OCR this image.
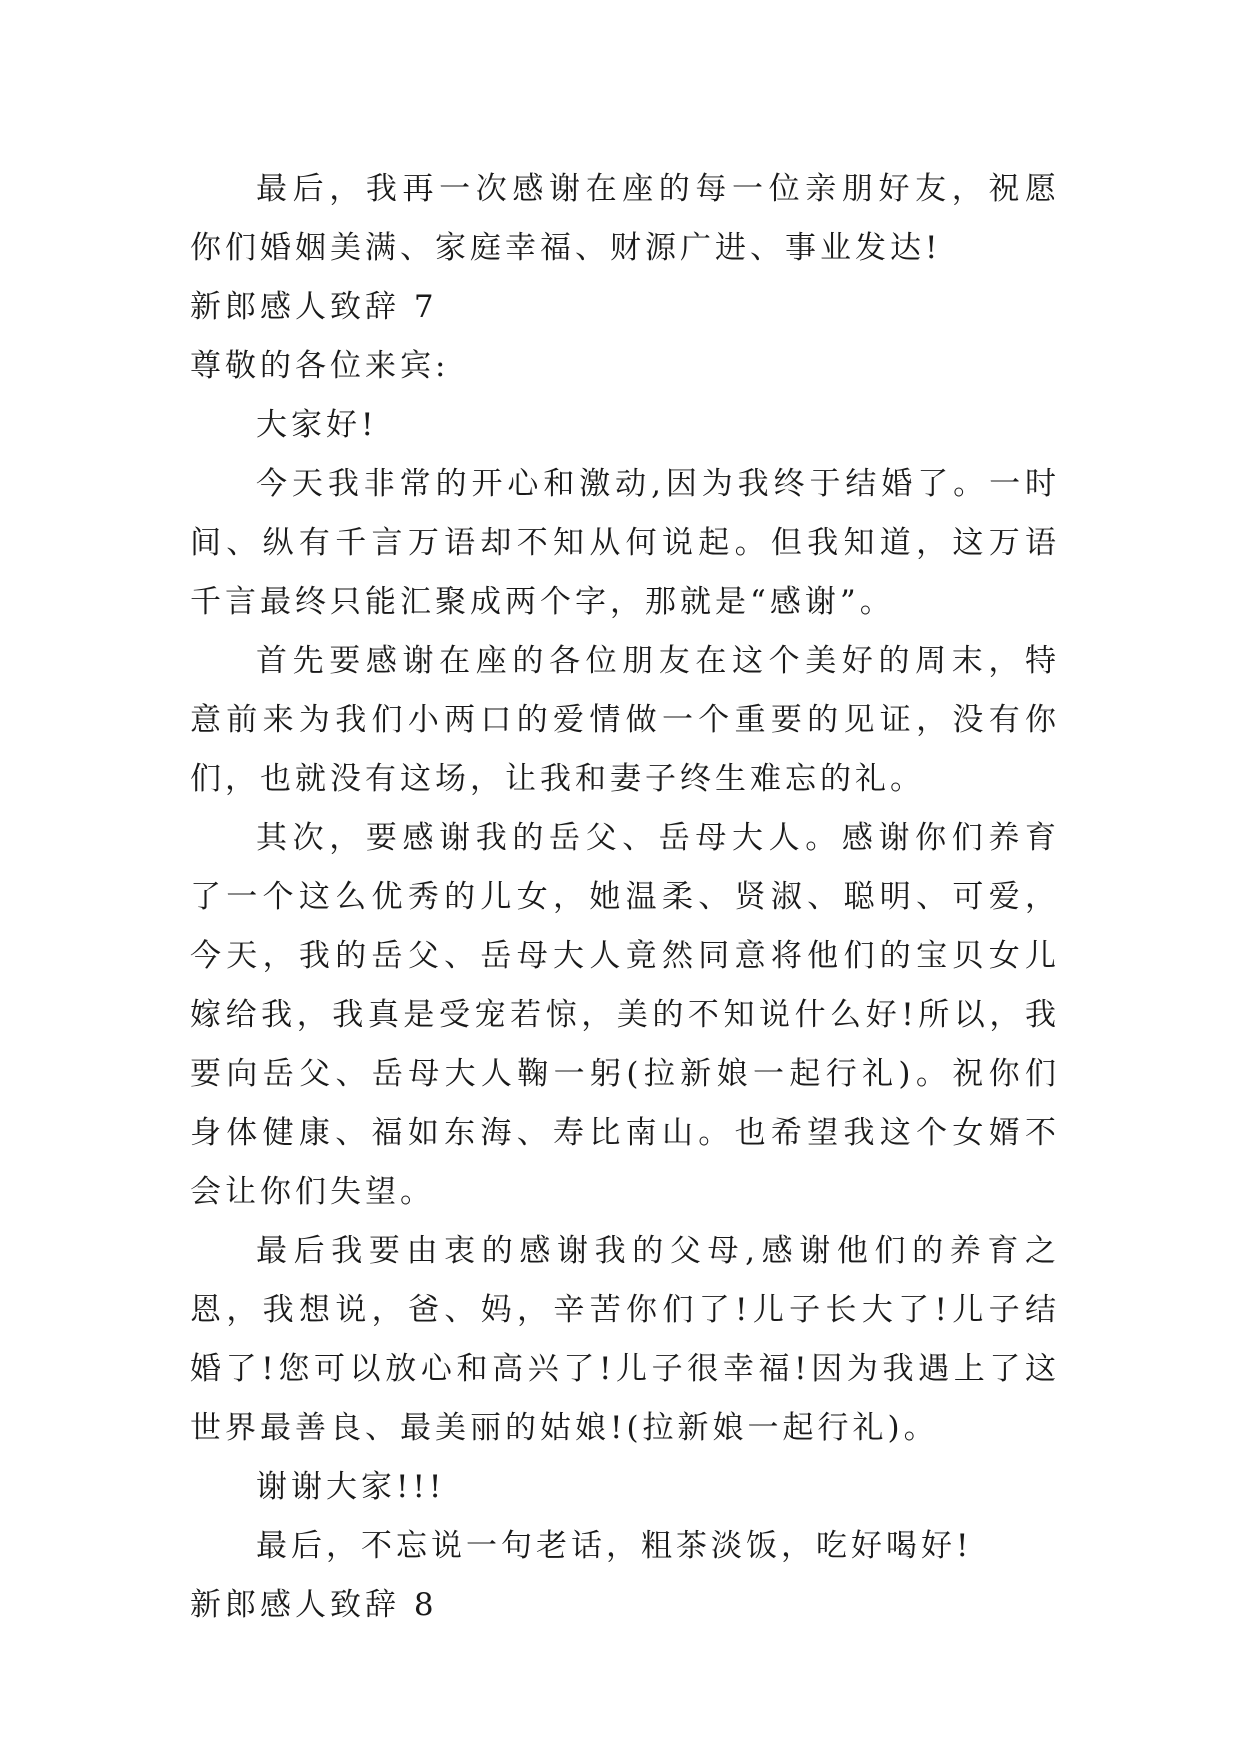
最后，我再一次感谢在座的每一位亲朋好友，祝愿你们婚姻美满、家庭幸福、财源广进、事业发达!

新郎感人致辞 7

尊敬的各位来宾:

大家好!

今天我非常的开心和激动,因为我终于结婚了。一时间、纵有千言万语却不知从何说起。但我知道，这万语千言最终只能汇聚成两个字，那就是“感谢”。

首先要感谢在座的各位朋友在这个美好的周末，特意前来为我们小两口的爱情做一个重要的见证，没有你们，也就没有这场，让我和妻子终生难忘的礼。

其次，要感谢我的岳父、岳母大人。感谢你们养育了一个这么优秀的儿女，她温柔、贤淑、聪明、可爱，今天，我的岳父、岳母大人竟然同意将他们的宝贝女儿嫁给我，我真是受宠若惊，美的不知说什么好!所以，我要向岳父、岳母大人鞠一躬(拉新娘一起行礼)。祝你们身体健康、福如东海、寿比南山。也希望我这个女婿不会让你们失望。

最后我要由衷的感谢我的父母,感谢他们的养育之恩，我想说，爸、妈，辛苦你们了!儿子长大了!儿子结婚了!您可以放心和高兴了!儿子很幸福!因为我遇上了这世界最善良、最美丽的姑娘!(拉新娘一起行礼)。

谢谢大家!!!

最后，不忘说一句老话，粗茶淡饭，吃好喝好!

新郎感人致辞 8
